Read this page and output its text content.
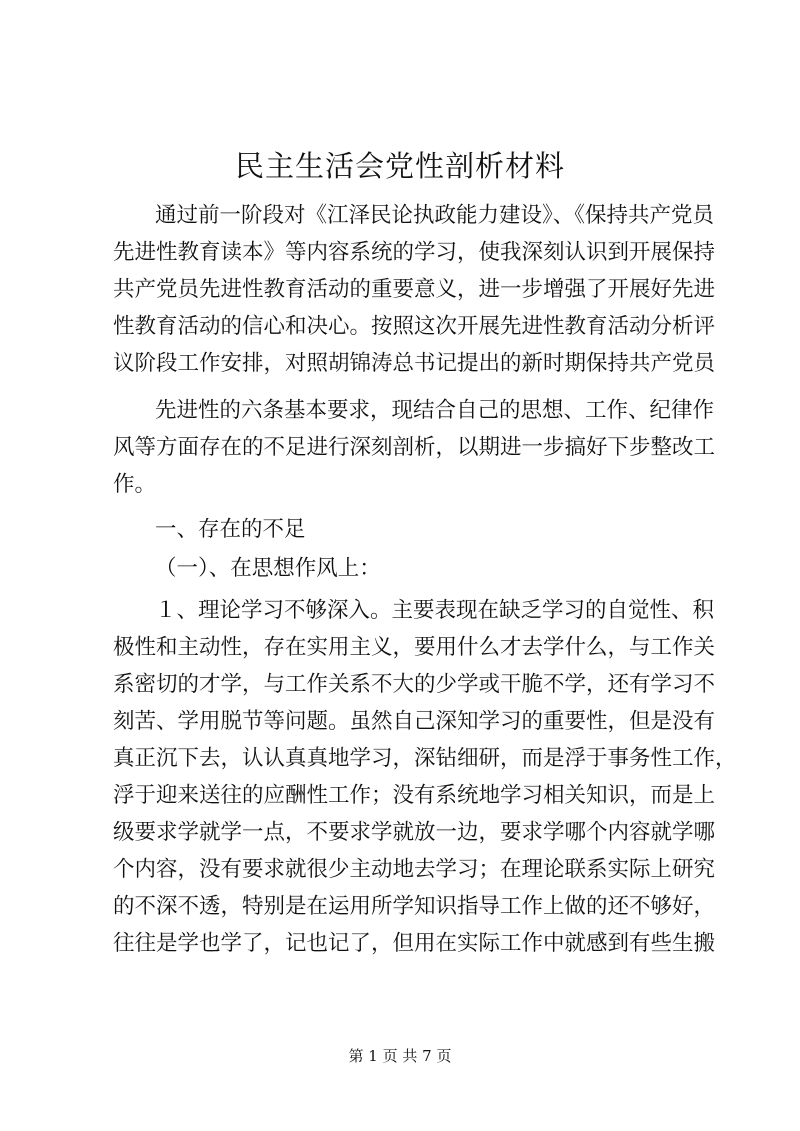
民主生活会党性剖析材料
通过前一阶段对《江泽民论执政能力建设》、《保持共产党员
先进性教育读本》等内容系统的学习，使我深刻认识到开展保持
共产党员先进性教育活动的重要意义，进一步增强了开展好先进
性教育活动的信心和决心。按照这次开展先进性教育活动分析评
议阶段工作安排，对照胡锦涛总书记提出的新时期保持共产党员
先进性的六条基本要求，现结合自己的思想、工作、纪律作
风等方面存在的不足进行深刻剖析，以期进一步搞好下步整改工
作。
一、存在的不足
（一）、在思想作风上：
１、理论学习不够深入。主要表现在缺乏学习的自觉性、积
极性和主动性，存在实用主义，要用什么才去学什么，与工作关
系密切的才学，与工作关系不大的少学或干脆不学，还有学习不
刻苦、学用脱节等问题。虽然自己深知学习的重要性，但是没有
真正沉下去，认认真真地学习，深钻细研，而是浮于事务性工作，
浮于迎来送往的应酬性工作；没有系统地学习相关知识，而是上
级要求学就学一点，不要求学就放一边，要求学哪个内容就学哪
个内容，没有要求就很少主动地去学习；在理论联系实际上研究
的不深不透，特别是在运用所学知识指导工作上做的还不够好，
往往是学也学了，记也记了，但用在实际工作中就感到有些生搬
第 1 页 共 7 页
